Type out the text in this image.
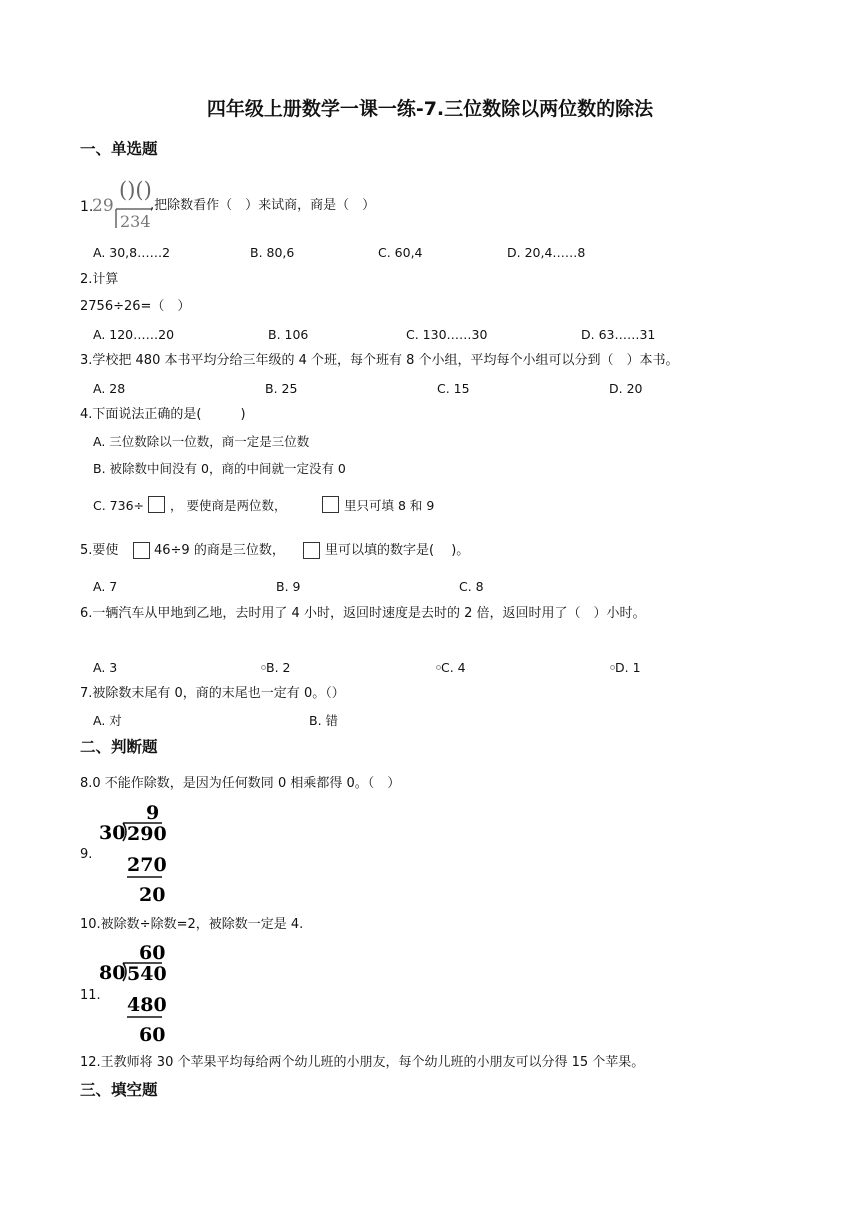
四年级上册数学一课一练-7.三位数除以两位数的除法
一、单选题
1.
29
()()
234
,把除数看作（　）来试商，商是（　）
A. 30,8……2	B. 80,6	C. 60,4	D. 20,4……8
2.计算
2756÷26=（　）
A. 120……20	B. 106	C. 130……30	D. 63……31
3.学校把 480 本书平均分给三年级的 4 个班，每个班有 8 个小组，平均每个小组可以分到（　）本书。
A. 28	B. 25	C. 15	D. 20
4.下面说法正确的是(　　　)
A. 三位数除以一位数，商一定是三位数
B. 被除数中间没有 0，商的中间就一定没有 0
C. 736÷ ， 要使商是两位数，	里只可填 8 和 9
5.要使	46÷9 的商是三位数，	里可以填的数字是(　 )。
A. 7	B. 9	C. 8
6.一辆汽车从甲地到乙地，去时用了 4 小时，返回时速度是去时的 2 倍，返回时用了（　）小时。
A. 3	B. 2	C. 4	D. 1
7.被除数末尾有 0，商的末尾也一定有 0。（）
A. 对	B. 错
二、判断题
8.0 不能作除数，是因为任何数同 0 相乘都得 0。（　）
9.
9
30 290
270
20
10.被除数÷除数=2，被除数一定是 4.
11.
60
80 540
480
60
12.王教师将 30 个苹果平均每给两个幼儿班的小朋友，每个幼儿班的小朋友可以分得 15 个苹果。
三、填空题
